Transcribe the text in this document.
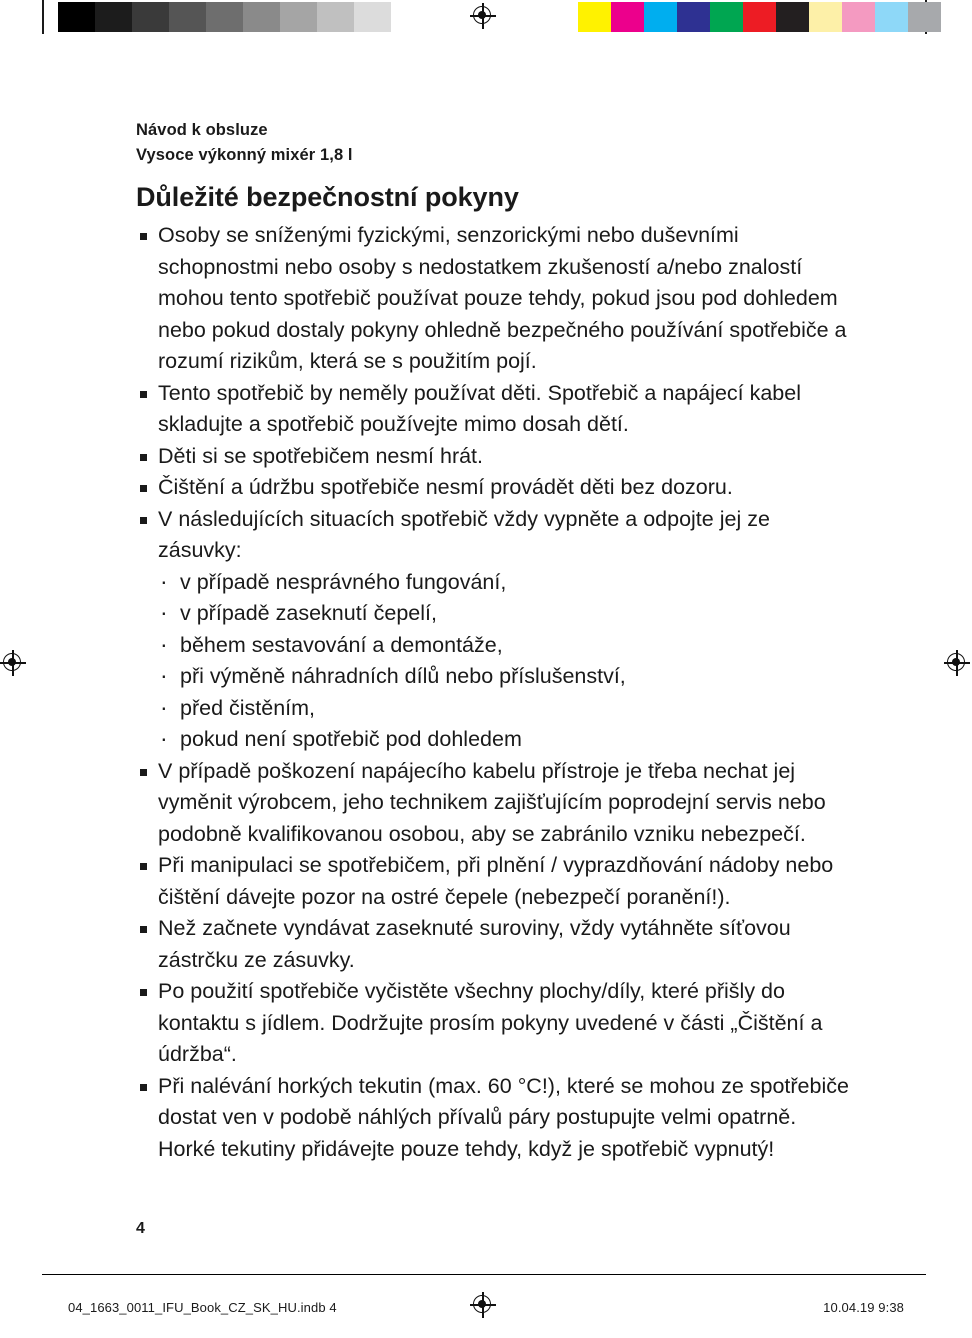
Návod k obsluze
Vysoce výkonný mixér 1,8 l
Důležité bezpečnostní pokyny
Osoby se sníženými fyzickými, senzorickými nebo duševními schopnostmi nebo osoby s nedostatkem zkušeností a/nebo znalostí mohou tento spotřebič používat pouze tehdy, pokud jsou pod dohledem nebo pokud dostaly pokyny ohledně bezpečného používání spotřebiče a rozumí rizikům, která se s použitím pojí.
Tento spotřebič by neměly používat děti. Spotřebič a napájecí kabel skladujte a spotřebič používejte mimo dosah dětí.
Děti si se spotřebičem nesmí hrát.
Čištění a údržbu spotřebiče nesmí provádět děti bez dozoru.
V následujících situacích spotřebič vždy vypněte a odpojte jej ze zásuvky:
· v případě nesprávného fungování,
· v případě zaseknutí čepelí,
· během sestavování a demontáže,
· při výměně náhradních dílů nebo příslušenství,
· před čistěním,
· pokud není spotřebič pod dohledem
V případě poškození napájecího kabelu přístroje je třeba nechat jej vyměnit výrobcem, jeho technikem zajišťujícím poprodejní servis nebo podobně kvalifikovanou osobou, aby se zabránilo vzniku nebezpečí.
Při manipulaci se spotřebičem, při plnění / vyprazdňování nádoby nebo čištění dávejte pozor na ostré čepele (nebezpečí poranění!).
Než začnete vyndávat zaseknuté suroviny, vždy vytáhněte síťovou zástrčku ze zásuvky.
Po použití spotřebiče vyčistěte všechny plochy/díly, které přišly do kontaktu s jídlem. Dodržujte prosím pokyny uvedené v části „Čištění a údržba“.
Při nalévání horkých tekutin (max. 60 °C!), které se mohou ze spotřebiče dostat ven v podobě náhlých přívalů páry postupujte velmi opatrně. Horké tekutiny přidávejte pouze tehdy, když je spotřebič vypnutý!
4
04_1663_0011_IFU_Book_CZ_SK_HU.indb 4	10.04.19 9:38
